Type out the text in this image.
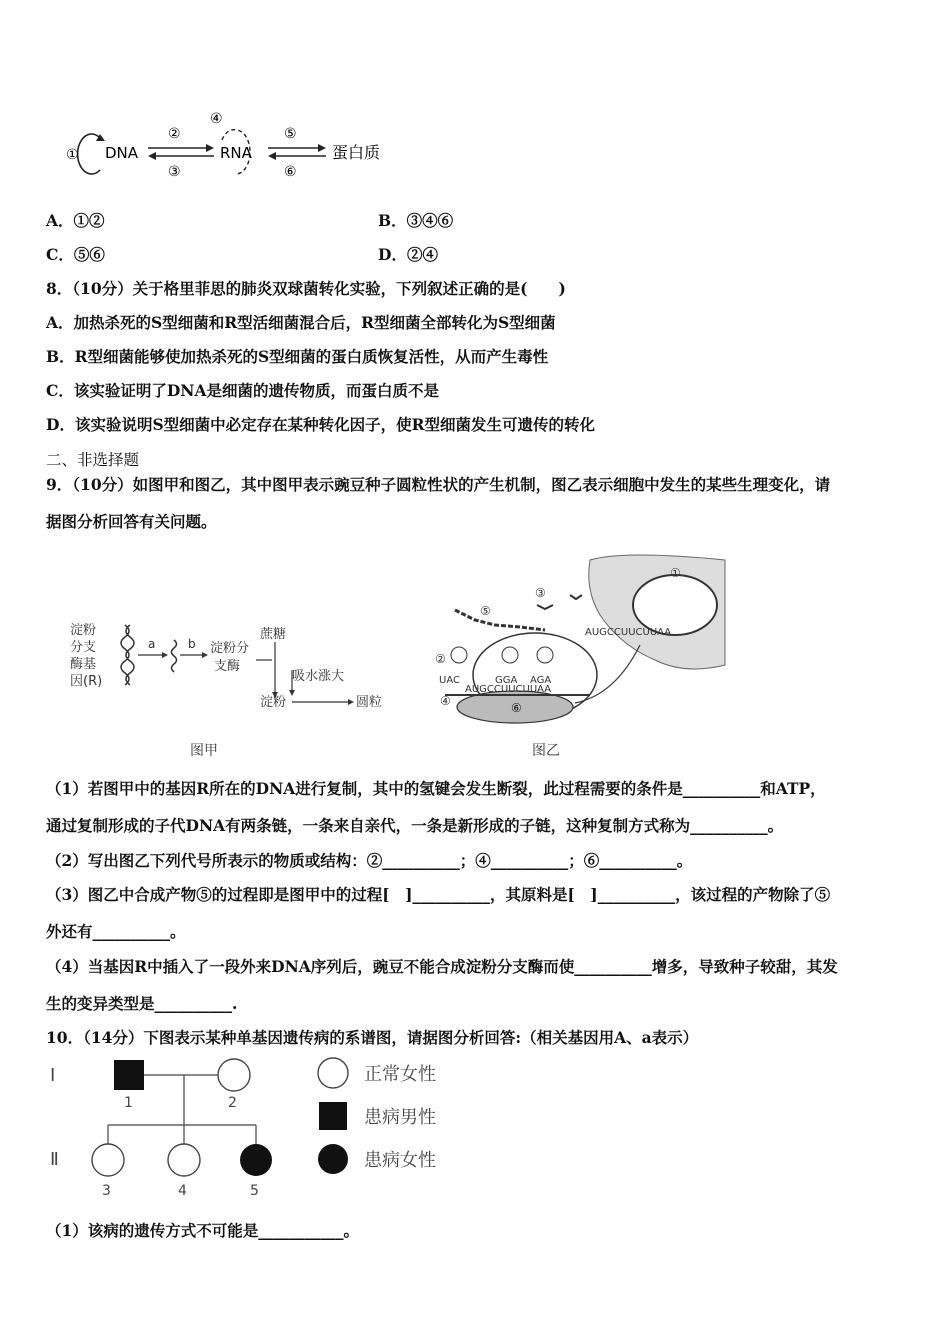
① DNA
②
③
④
RNA
⑤
⑥
蛋白质
A．①②	B．③④⑥
C．⑤⑥	D．②④
8．（10分）关于格里菲思的肺炎双球菌转化实验，下列叙述正确的是(　　)
A．加热杀死的S型细菌和R型活细菌混合后，R型细菌全部转化为S型细菌
B．R型细菌能够使加热杀死的S型细菌的蛋白质恢复活性，从而产生毒性
C．该实验证明了DNA是细菌的遗传物质，而蛋白质不是
D．该实验说明S型细菌中必定存在某种转化因子，使R型细菌发生可遗传的转化
二、非选择题
9．（10分）如图甲和图乙，其中图甲表示豌豆种子圆粒性状的产生机制，图乙表示细胞中发生的某些生理变化，请
据图分析回答有关问题。
淀粉
分支
酶基
因(R)
a	b 淀粉分
支酶
蔗糖
吸水涨大
淀粉	圆粒
图甲
①
AUGCCUUCUUAA
⑥
AUGCCUUCUUAA
④
②
UAC	GGA AGA
⑤
③
图乙
（1）若图甲中的基因R所在的DNA进行复制，其中的氢键会发生断裂，此过程需要的条件是__________和ATP，
通过复制形成的子代DNA有两条链，一条来自亲代，一条是新形成的子链，这种复制方式称为__________。
（2）写出图乙下列代号所表示的物质或结构：②__________；④__________；⑥__________。
（3）图乙中合成产物⑤的过程即是图甲中的过程[　]__________，其原料是[　]__________，该过程的产物除了⑤
外还有__________。
（4）当基因R中插入了一段外来DNA序列后，豌豆不能合成淀粉分支酶而使__________增多，导致种子较甜，其发
生的变异类型是__________.
10．（14分）下图表示某种单基因遗传病的系谱图，请据图分析回答:（相关基因用A、a表示）
Ⅰ
Ⅱ
1	2
3	4	5
正常女性
患病男性
患病女性
（1）该病的遗传方式不可能是___________。
